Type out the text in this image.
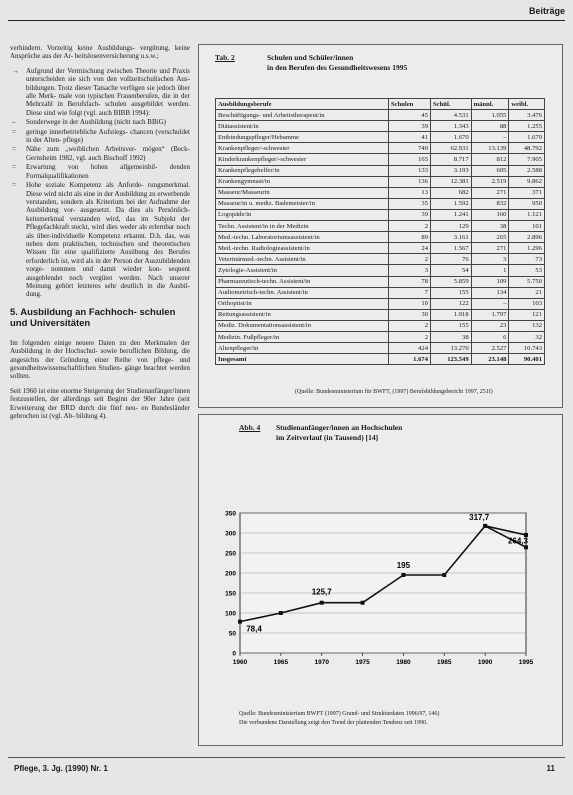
Beiträge

verhindern. Vorzeitig keine Ausbildungs- vergütung, keine Ansprüche aus der Ar- beitslosenversicherung u.s.w.;

→ Aufgrund der Vermischung zwischen Theorie und Praxis unterscheiden sie sich von den vollzeitschulischen Aus- bildungen. Trotz dieser Tatsache verfügen sie jedoch über alle Merk- male von typischen Frauenberufen, die in der Mehrzahl in Berufsfach- schulen ausgebildet werden. Diese sind wie folgt (vgl. auch BIBB 1994):
– Sonderwege in der Ausbildung (nicht nach BBiG)
= geringe innerbetriebliche Aufstiegs- chancen (verschuldet in der Alten- pflege)
= Nähe zum „weiblichen Arbeitsver- mögen“ (Beck-Gernsheim 1982, vgl. auch Bischoff 1992)
= Erwartung von hohen allgemeinbil- denden Formalqualifikationen
= Hohe soziale Kompetenz als Anforde- rungsmerkmal. Diese wird nicht als eine in der Ausbildung zu erwerbende verstanden, sondern als Kriterium bei der Aufnahme der Ausbildung vor- ausgesetzt. Da dies als Persönlich- keitsmerkmal verstanden wird, das im Subjekt der Pflegefachkraft steckt, wird dies weder als erlernbar noch als über-individuelle Kompetenz erkannt. D.h. das, was neben dem praktischen, technischen und theoretischen Wissen für eine qualifizierte Ausübung des Berufes erforderlich ist, wird als in der Person der Auszubildenden vorge- nommen und damit wieder kon- sequent ausgeblendet noch vergütet werden. Nach unserer Meinung gehört letzteres sehr deutlich in die Ausbil- dung.
5. Ausbildung an Fachhoch- schulen und Universitäten

Im folgenden einige neuere Daten zu den Merkmalen der Ausbildung in der Hochschul- sowie beruflichen Bildung, die angesichts der Gründung einer Reihe von pflege- und gesundheitswissenschaftlichen Studien- gänge beachtet werden sollten.

Seit 1960 ist eine enorme Steigerung der Studienanfänger/innen festzustellen, der allerdings seit Beginn der 90er Jahre (seit Erweiterung der BRD durch die fünf neu- en Bundesländer gebrochen ist (vgl. Ab- bildung 4).

Tab. 2	Schulen und Schüler/innen
in den Berufen des Gesundheitswesens 1995
Ausbildungsberufe	Schulen	Schül.	männl.	weibl.
Beschäftigungs- und Arbeitstherapeut/in	45	4.531	1.055	3.476
Diätassistent/in	39	1.343	88	1.255
Entbindungspfleger/Hebamme	41	1.670	–	1.670
Krankenpfleger/-schwester	740	62.931	13.139	48.792
Kinderkrankenpfleger/-schwester	165	8.717	812	7.905
Krankenpflegehelfer/in	133	3.193	605	2.588
Krankengymnast/in	136	12.381	2.519	9.862
Masseur/Masseurin	13	682	271	371
Masseur/in u. mediz. Bademeister/in	35	1.592	832	950
Logopäde/in	39	1.241	160	1.121
Techn. Assistent/in in der Medizin	2	129	38	101
Med.-techn. Laboratoriumsassistent/in	89	3.161	265	2.896
Med.-techn. Radiologieassistent/in	24	1.567	271	1.296
Veterinärmed.-techn. Assistent/in	2	76	3	73
Zytologie-Assistent/in	3	54	1	53
Pharmazeutisch-techn. Assistent/in	78	5.859	109	5.750
Audiometrisch-techn. Assistent/in	7	155	134	21
Orthoptist/in	10	122	–	103
Rettungsassistent/in	30	1.918	1.797	121
Mediz. Dokumentationsassistent/in	2	155	23	132
Medizin. Fußpfleger/in	2	38	6	32
Altenpfleger/in	424	13.270	2.527	10.743
Insgesamt	1.674	123.549	23.148	90.401
(Quelle: Bundesministerium für BWFT, (1997) Berufsbildungsbericht 1997, 251f)
Abb. 4 Studienanfänger/innen an Hochschulen
im Zeitverlauf (in Tausend) [14]
0
50
100
150
200
250
300
350
1960	1965	1970	1975	1980	1985	1990	1995
78,4
125,7
195
317,7
264,3
Quelle: Bundesministerium BWFT (1997) Grund- und Strukturdaten 1996/97, 146)
Die verbundene Darstellung zeigt den Trend der plattenden Tendenz seit 1990.
Pflege, 3. Jg. (1990) Nr. 1	11
